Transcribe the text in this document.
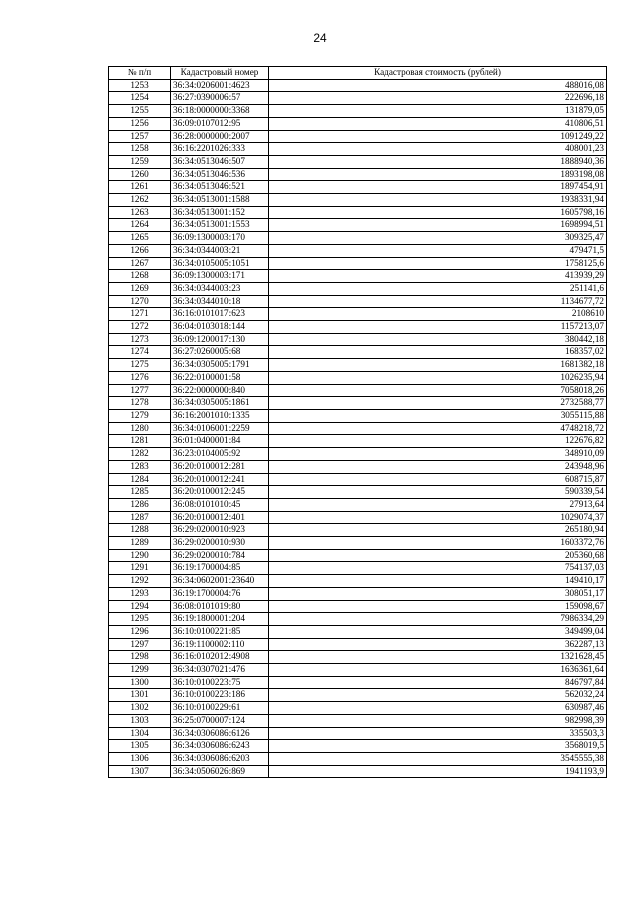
24
№ п/п	Кадастровый номер	Кадастровая стоимость (рублей)
1253	36:34:0206001:4623	488016,08
1254	36:27:0390006:57	222696,18
1255	36:18:0000000:3368	131879,05
1256	36:09:0107012:95	410806,51
1257	36:28:0000000:2007	1091249,22
1258	36:16:2201026:333	408001,23
1259	36:34:0513046:507	1888940,36
1260	36:34:0513046:536	1893198,08
1261	36:34:0513046:521	1897454,91
1262	36:34:0513001:1588	1938331,94
1263	36:34:0513001:152	1605798,16
1264	36:34:0513001:1553	1698994,51
1265	36:09:1300003:170	309325,47
1266	36:34:0344003:21	479471,5
1267	36:34:0105005:1051	1758125,6
1268	36:09:1300003:171	413939,29
1269	36:34:0344003:23	251141,6
1270	36:34:0344010:18	1134677,72
1271	36:16:0101017:623	2108610
1272	36:04:0103018:144	1157213,07
1273	36:09:1200017:130	380442,18
1274	36:27:0260005:68	168357,02
1275	36:34:0305005:1791	1681382,18
1276	36:22:0100001:58	1026235,94
1277	36:22:0000000:840	7058018,26
1278	36:34:0305005:1861	2732588,77
1279	36:16:2001010:1335	3055115,88
1280	36:34:0106001:2259	4748218,72
1281	36:01:0400001:84	122676,82
1282	36:23:0104005:92	348910,09
1283	36:20:0100012:281	243948,96
1284	36:20:0100012:241	608715,87
1285	36:20:0100012:245	590339,54
1286	36:08:0101010:45	27913,64
1287	36:20:0100012:401	1029074,37
1288	36:29:0200010:923	265180,94
1289	36:29:0200010:930	1603372,76
1290	36:29:0200010:784	205360,68
1291	36:19:1700004:85	754137,03
1292	36:34:0602001:23640	149410,17
1293	36:19:1700004:76	308051,17
1294	36:08:0101019:80	159098,67
1295	36:19:1800001:204	7986334,29
1296	36:10:0100221:85	349499,04
1297	36:19:1100002:110	362287,13
1298	36:16:0102012:4908	1321628,45
1299	36:34:0307021:476	1636361,64
1300	36:10:0100223:75	846797,84
1301	36:10:0100223:186	562032,24
1302	36:10:0100229:61	630987,46
1303	36:25:0700007:124	982998,39
1304	36:34:0306086:6126	335503,3
1305	36:34:0306086:6243	3568019,5
1306	36:34:0306086:6203	3545555,38
1307	36:34:0506026:869	1941193,9
